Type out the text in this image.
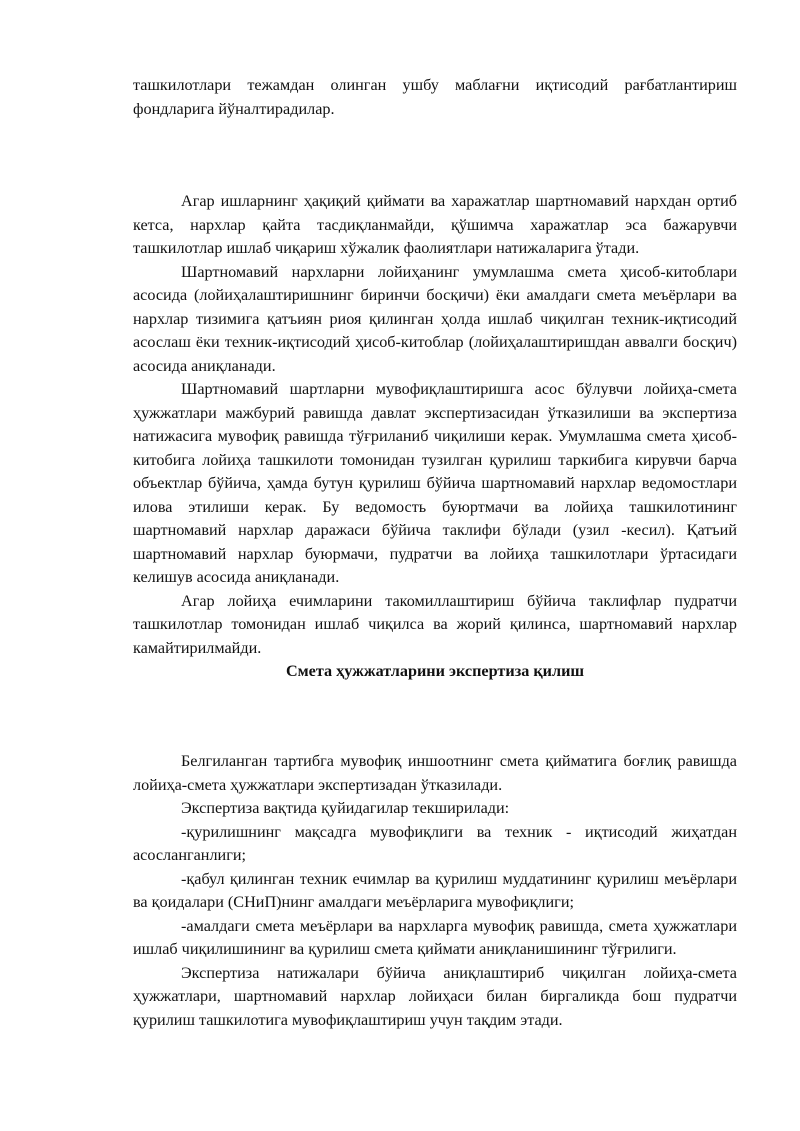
ташкилотлари тежамдан олинган ушбу маблағни иқтисодий рағбатлантириш фондларига йўналтирадилар.

Агар ишларнинг ҳақиқий қиймати ва харажатлар шартномавий нархдан ортиб кетса, нархлар қайта тасдиқланмайди, қўшимча харажатлар эса бажарувчи ташкилотлар ишлаб чиқариш хўжалик фаолиятлари натижаларига ўтади.

Шартномавий нархларни лойиҳанинг умумлашма смета ҳисоб-китоблари асосида (лойиҳалаштиришнинг биринчи босқичи) ёки амалдаги смета меъёрлари ва нархлар тизимига қатъиян риоя қилинган ҳолда ишлаб чиқилган техник-иқтисодий асослаш ёки техник-иқтисодий ҳисоб-китоблар (лойиҳалаштиришдан аввалги босқич) асосида аниқланади.

Шартномавий шартларни мувофиқлаштиришга асос бўлувчи лойиҳа-смета ҳужжатлари мажбурий равишда давлат экспертизасидан ўтказилиши ва экспертиза натижасига мувофиқ равишда тўғриланиб чиқилиши керак. Умумлашма смета ҳисоб-китобига лойиҳа ташкилоти томонидан тузилган қурилиш таркибига кирувчи барча объектлар бўйича, ҳамда бутун қурилиш бўйича шартномавий нархлар ведомостлари илова этилиши керак. Бу ведомость буюртмачи ва лойиҳа ташкилотининг шартномавий нархлар даражаси бўйича таклифи бўлади (узил -кесил). Қатъий шартномавий нархлар буюрмачи, пудратчи ва лойиҳа ташкилотлари ўртасидаги келишув асосида аниқланади.

Агар лойиҳа ечимларини такомиллаштириш бўйича таклифлар пудратчи ташкилотлар томонидан ишлаб чиқилса ва жорий қилинса, шартномавий нархлар камайтирилмайди.

Смета ҳужжатларини экспертиза қилиш

Белгиланган тартибга мувофиқ иншоотнинг смета қийматига боғлиқ равишда лойиҳа-смета ҳужжатлари экспертизадан ўтказилади.

Экспертиза вақтида қуйидагилар текширилади:

-қурилишнинг мақсадга мувофиқлиги ва техник - иқтисодий жиҳатдан асосланганлиги;

-қабул қилинган техник ечимлар ва қурилиш муддатининг қурилиш меъёрлари ва қоидалари (СНиП)нинг амалдаги меъёрларига мувофиқлиги;

-амалдаги смета меъёрлари ва нархларга мувофиқ равишда, смета ҳужжатлари ишлаб чиқилишининг ва қурилиш смета қиймати аниқланишининг тўғрилиги.

Экспертиза натижалари бўйича аниқлаштириб чиқилган лойиҳа-смета ҳужжатлари, шартномавий нархлар лойиҳаси билан биргаликда бош пудратчи қурилиш ташкилотига мувофиқлаштириш учун тақдим этади.
